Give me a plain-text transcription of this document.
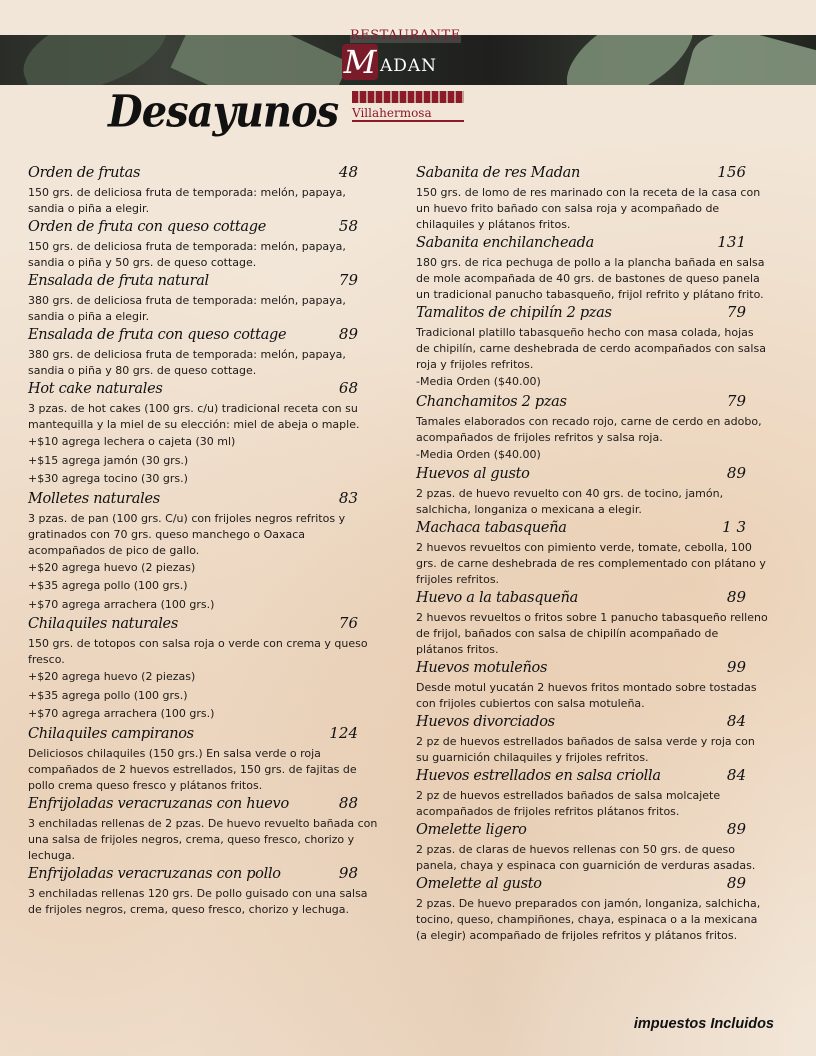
RESTAURANTE
M ADAN
Villahermosa
Desayunos
Orden de frutas	48
150 grs. de deliciosa fruta de temporada: melón, papaya, sandia o piña a elegir.
Orden de fruta con queso cottage	58
150 grs. de deliciosa fruta de temporada: melón, papaya, sandia o piña y 50 grs. de queso cottage.
Ensalada de fruta natural	79
380 grs. de deliciosa fruta de temporada: melón, papaya, sandia o piña a elegir.
Ensalada de fruta con queso cottage	89
380 grs. de deliciosa fruta de temporada: melón, papaya, sandia o piña y 80 grs. de queso cottage.
Hot cake naturales	68
3 pzas. de hot cakes (100 grs. c/u) tradicional receta con su mantequilla y la miel de su elección: miel de abeja o maple.
+$10 agrega lechera o cajeta (30 ml)
+$15 agrega jamón (30 grs.)
+$30 agrega tocino (30 grs.)
Molletes naturales	83
3 pzas. de pan (100 grs. C/u) con frijoles negros refritos y gratinados con 70 grs. queso manchego o Oaxaca acompañados de pico de gallo.
+$20 agrega huevo (2 piezas)
+$35 agrega pollo (100 grs.)
+$70 agrega arrachera (100 grs.)
Chilaquiles naturales	76
150 grs. de totopos con salsa roja o verde con crema y queso fresco.
+$20 agrega huevo (2 piezas)
+$35 agrega pollo (100 grs.)
+$70 agrega arrachera (100 grs.)
Chilaquiles campiranos	124
Deliciosos chilaquiles (150 grs.) En salsa verde o roja compañados de 2 huevos estrellados, 150 grs. de fajitas de pollo crema queso fresco y plátanos fritos.
Enfrijoladas veracruzanas con huevo	88
3 enchiladas rellenas de 2 pzas. De huevo revuelto bañada con una salsa de frijoles negros, crema, queso fresco, chorizo y lechuga.
Enfrijoladas veracruzanas con pollo	98
3 enchiladas rellenas 120 grs. De pollo guisado con una salsa de frijoles negros, crema, queso fresco, chorizo y lechuga.
Sabanita de res Madan	156
150 grs. de lomo de res marinado con la receta de la casa con un huevo frito bañado con salsa roja y acompañado de chilaquiles y plátanos fritos.
Sabanita enchilancheada	131
180 grs. de rica pechuga de pollo a la plancha bañada en salsa de mole acompañada de 40 grs. de bastones de queso panela un tradicional panucho tabasqueño, frijol refrito y plátano frito.
Tamalitos de chipilín 2 pzas	79
Tradicional platillo tabasqueño hecho con masa colada, hojas de chipilín, carne deshebrada de cerdo acompañados con salsa roja y frijoles refritos.
-Media Orden ($40.00)
Chanchamitos 2 pzas	79
Tamales elaborados con recado rojo, carne de cerdo en adobo, acompañados de frijoles refritos y salsa roja.
-Media Orden ($40.00)
Huevos al gusto	89
2 pzas. de huevo revuelto con 40 grs. de tocino, jamón, salchicha, longaniza o mexicana a elegir.
Machaca tabasqueña	1 3
2 huevos revueltos con pimiento verde, tomate, cebolla, 100 grs. de carne deshebrada de res complementado con plátano y frijoles refritos.
Huevo a la tabasqueña	89
2 huevos revueltos o fritos sobre 1 panucho tabasqueño relleno de frijol, bañados con salsa de chipilín acompañado de plátanos fritos.
Huevos motuleños	99
Desde motul yucatán 2 huevos fritos montado sobre tostadas con frijoles cubiertos con salsa motuleña.
Huevos divorciados	84
2 pz de huevos estrellados bañados de salsa verde y roja con su guarnición chilaquiles y frijoles refritos.
Huevos estrellados en salsa criolla	84
2 pz de huevos estrellados bañados de salsa molcajete acompañados de frijoles refritos plátanos fritos.
Omelette ligero	89
2 pzas. de claras de huevos rellenas con 50 grs. de queso panela, chaya y espinaca con guarnición de verduras asadas.
Omelette al gusto	89
2 pzas. De huevo preparados con jamón, longaniza, salchicha, tocino, queso, champiñones, chaya, espinaca o a la mexicana (a elegir) acompañado de frijoles refritos y plátanos fritos.
impuestos Incluidos
